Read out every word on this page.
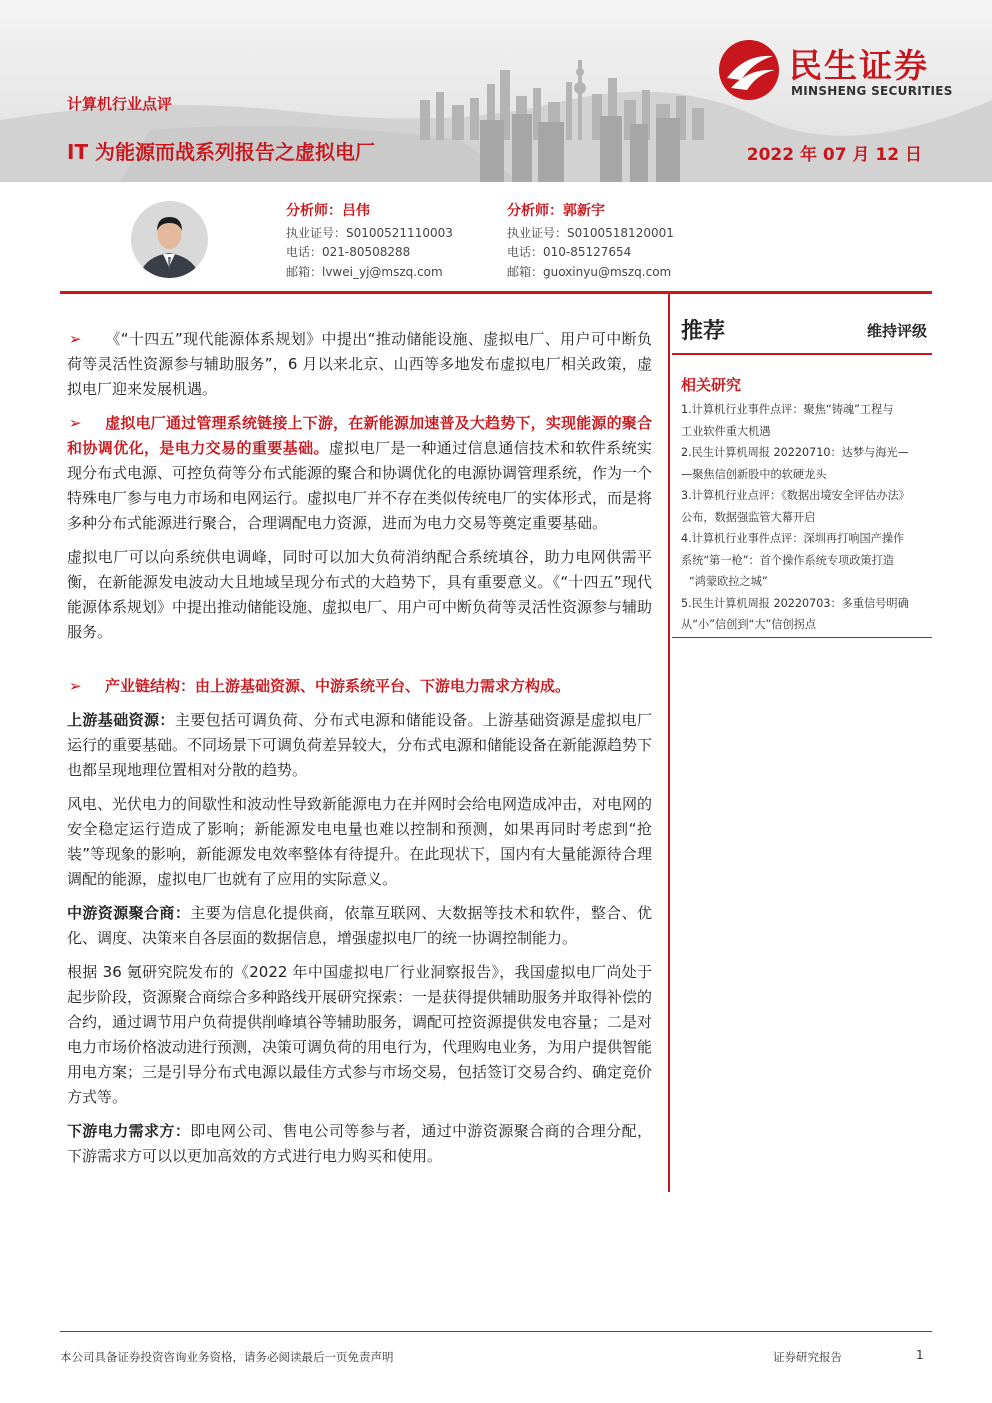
计算机行业点评
IT 为能源而战系列报告之虚拟电厂	2022 年 07 月 12 日
民生证券
MINSHENG SECURITIES
分析师：吕伟
执业证号：S0100521110003
电话：021-80508288
邮箱：lvwei_yj@mszq.com
分析师：郭新宇
执业证号：S0100518120001
电话：010-85127654
邮箱：guoxinyu@mszq.com

➢ 《“十四五”现代能源体系规划》中提出“推动储能设施、虚拟电厂、用户可中断负荷等灵活性资源参与辅助服务”，6 月以来北京、山西等多地发布虚拟电厂相关政策，虚拟电厂迎来发展机遇。

➢ 虚拟电厂通过管理系统链接上下游，在新能源加速普及大趋势下，实现能源的聚合和协调优化，是电力交易的重要基础。虚拟电厂是一种通过信息通信技术和软件系统实现分布式电源、可控负荷等分布式能源的聚合和协调优化的电源协调管理系统，作为一个特殊电厂参与电力市场和电网运行。虚拟电厂并不存在类似传统电厂的实体形式，而是将多种分布式能源进行聚合，合理调配电力资源，进而为电力交易等奠定重要基础。

虚拟电厂可以向系统供电调峰，同时可以加大负荷消纳配合系统填谷，助力电网供需平衡，在新能源发电波动大且地域呈现分布式的大趋势下，具有重要意义。《“十四五”现代能源体系规划》中提出推动储能设施、虚拟电厂、用户可中断负荷等灵活性资源参与辅助服务。

➢ 产业链结构：由上游基础资源、中游系统平台、下游电力需求方构成。

上游基础资源：主要包括可调负荷、分布式电源和储能设备。上游基础资源是虚拟电厂运行的重要基础。不同场景下可调负荷差异较大，分布式电源和储能设备在新能源趋势下也都呈现地理位置相对分散的趋势。

风电、光伏电力的间歇性和波动性导致新能源电力在并网时会给电网造成冲击，对电网的安全稳定运行造成了影响；新能源发电电量也难以控制和预测，如果再同时考虑到“抢装”等现象的影响，新能源发电效率整体有待提升。在此现状下，国内有大量能源待合理调配的能源，虚拟电厂也就有了应用的实际意义。

中游资源聚合商：主要为信息化提供商，依靠互联网、大数据等技术和软件，整合、优化、调度、决策来自各层面的数据信息，增强虚拟电厂的统一协调控制能力。

根据 36 氪研究院发布的《2022 年中国虚拟电厂行业洞察报告》，我国虚拟电厂尚处于起步阶段，资源聚合商综合多种路线开展研究探索：一是获得提供辅助服务并取得补偿的合约，通过调节用户负荷提供削峰填谷等辅助服务，调配可控资源提供发电容量；二是对电力市场价格波动进行预测，决策可调负荷的用电行为，代理购电业务，为用户提供智能用电方案；三是引导分布式电源以最佳方式参与市场交易，包括签订交易合约、确定竞价方式等。

下游电力需求方：即电网公司、售电公司等参与者，通过中游资源聚合商的合理分配，下游需求方可以以更加高效的方式进行电力购买和使用。

推荐	维持评级
相关研究
1.计算机行业事件点评：聚焦“铸魂”工程与
工业软件重大机遇
2.民生计算机周报 20220710：达梦与海光—
—聚焦信创新股中的软硬龙头
3.计算机行业点评：《数据出境安全评估办法》
公布，数据强监管大幕开启
4.计算机行业事件点评：深圳再打响国产操作
系统“第一枪”：首个操作系统专项政策打造
“鸿蒙欧拉之城”
5.民生计算机周报 20220703：多重信号明确
从“小”信创到“大”信创拐点
本公司具备证券投资咨询业务资格，请务必阅读最后一页免责声明	证券研究报告	1
